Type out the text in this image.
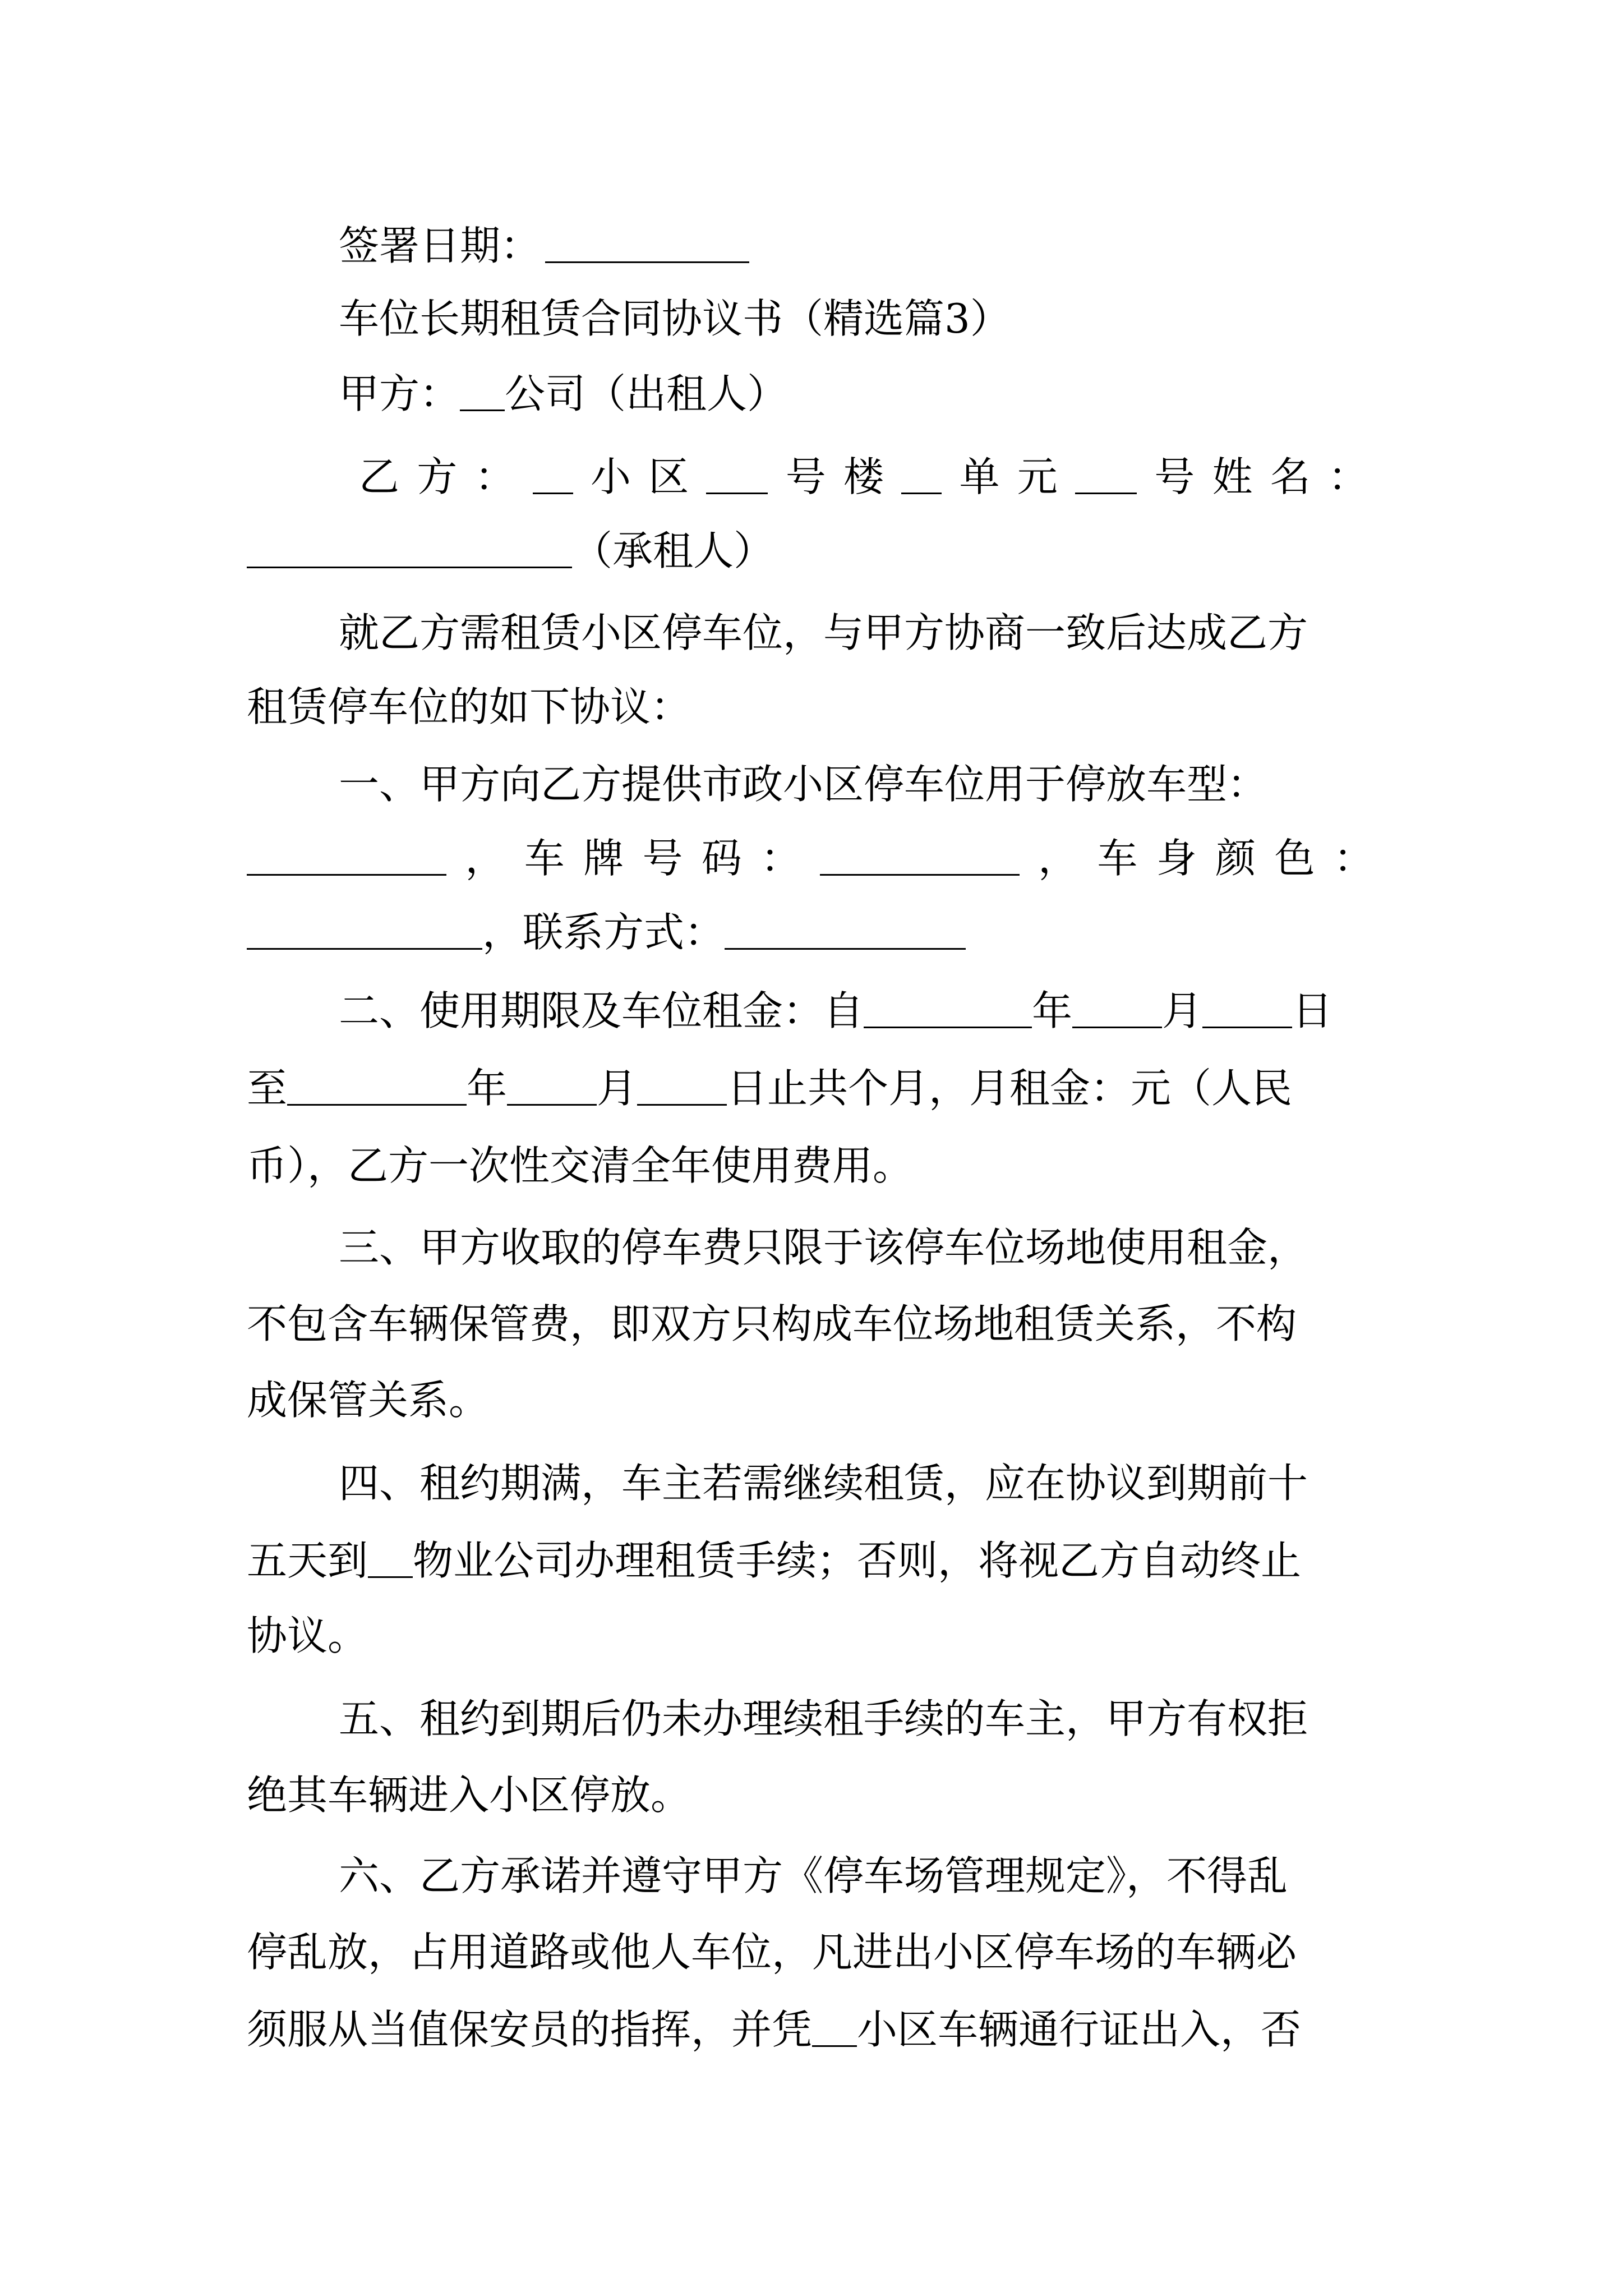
签署日期：
车位长期租赁合同协议书（精选篇3）
甲方： 公司（出租人）
乙 方 ： 小 区 号 楼 单 元 号 姓 名 ：
（承租人）
就乙方需租赁小区停车位，与甲方协商一致后达成乙方
租赁停车位的如下协议：
一、甲方向乙方提供市政小区停车位用于停放车型：
， 车 牌 号 码 ：	， 车 身 颜 色 ：
，联系方式：
二、使用期限及车位租金：自	年 月 日
至	年 月 日止共个月，月租金：元（人民
币），乙方一次性交清全年使用费用。
三、甲方收取的停车费只限于该停车位场地使用租金，
不包含车辆保管费，即双方只构成车位场地租赁关系，不构
成保管关系。
四、租约期满，车主若需继续租赁，应在协议到期前十
五天到 物业公司办理租赁手续；否则，将视乙方自动终止
协议。
五、租约到期后仍未办理续租手续的车主，甲方有权拒
绝其车辆进入小区停放。
六、乙方承诺并遵守甲方《停车场管理规定》，不得乱
停乱放，占用道路或他人车位，凡进出小区停车场的车辆必
须服从当值保安员的指挥，并凭 小区车辆通行证出入，否
